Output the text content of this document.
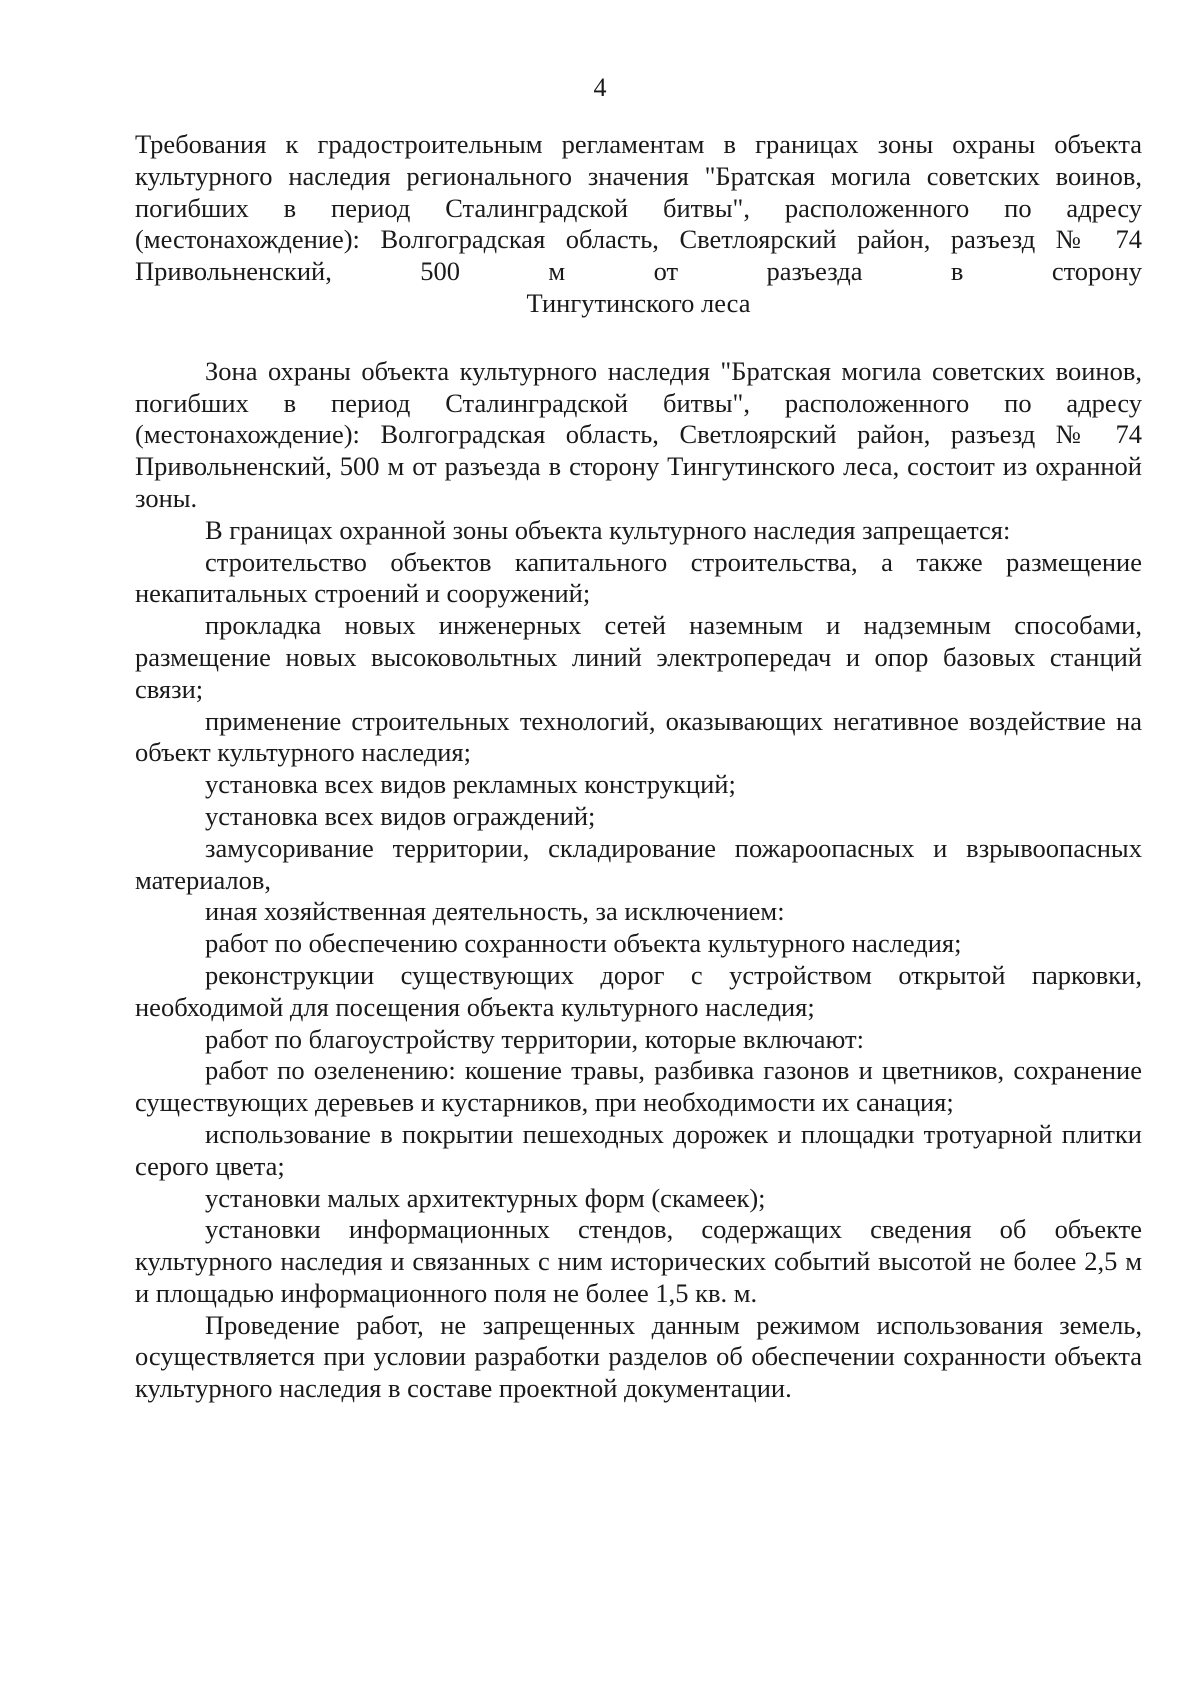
4

Требования к градостроительным регламентам в границах зоны охраны объекта

культурного наследия регионального значения "Братская могила советских воинов,

погибших в период Сталинградской битвы", расположенного по адресу

(местонахождение): Волгоградская область, Светлоярский район, разъезд № 74

Привольненский, 500 м от разъезда в сторону

Тингутинского леса

Зона охраны объекта культурного наследия "Братская могила советских воинов, погибших в период Сталинградской битвы", расположенного по адресу (местонахождение): Волгоградская область, Светлоярский район, разъезд № 74 Привольненский, 500 м от разъезда в сторону Тингутинского леса, состоит из охранной зоны.

В границах охранной зоны объекта культурного наследия запрещается:

строительство объектов капитального строительства, а также размещение некапитальных строений и сооружений;

прокладка новых инженерных сетей наземным и надземным способами, размещение новых высоковольтных линий электропередач и опор базовых станций связи;

применение строительных технологий, оказывающих негативное воздействие на объект культурного наследия;

установка всех видов рекламных конструкций;

установка всех видов ограждений;

замусоривание территории, складирование пожароопасных и взрывоопасных материалов,

иная хозяйственная деятельность, за исключением:

работ по обеспечению сохранности объекта культурного наследия;

реконструкции существующих дорог с устройством открытой парковки, необходимой для посещения объекта культурного наследия;

работ по благоустройству территории, которые включают:

работ по озеленению: кошение травы, разбивка газонов и цветников, сохранение существующих деревьев и кустарников, при необходимости их санация;

использование в покрытии пешеходных дорожек и площадки тротуарной плитки серого цвета;

установки малых архитектурных форм (скамеек);

установки информационных стендов, содержащих сведения об объекте культурного наследия и связанных с ним исторических событий высотой не более 2,5 м и площадью информационного поля не более 1,5 кв. м.

Проведение работ, не запрещенных данным режимом использования земель, осуществляется при условии разработки разделов об обеспечении сохранности объекта культурного наследия в составе проектной документации.
